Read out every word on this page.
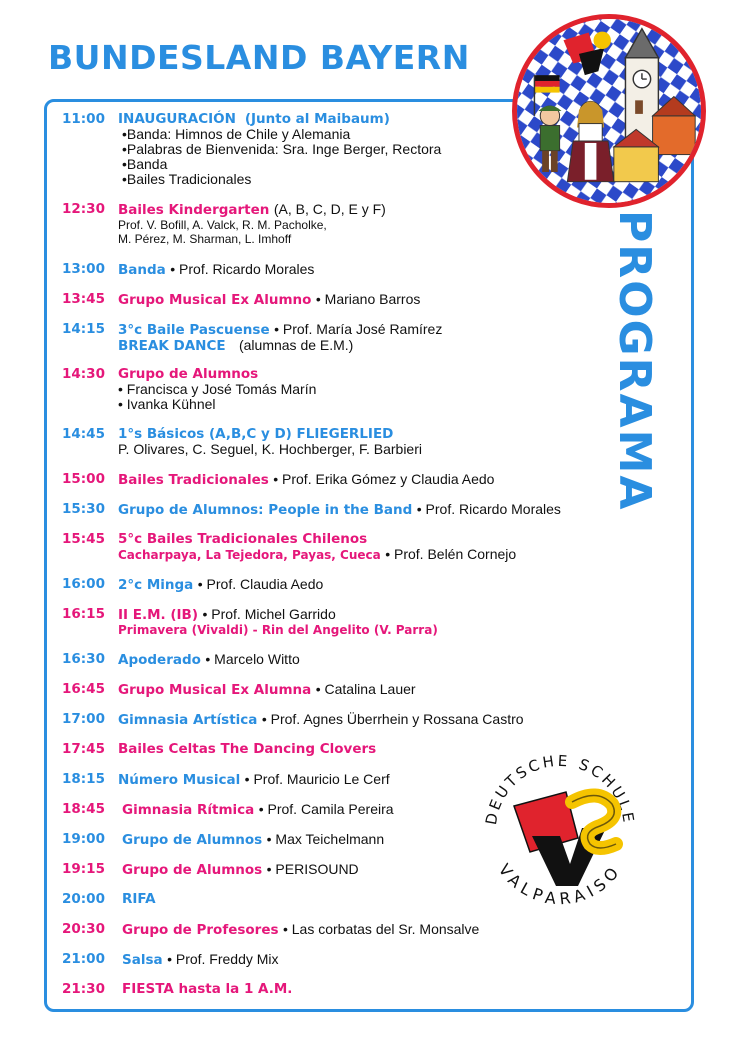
BUNDESLAND BAYERN
PROGRAMA
DEUTSCHE SCHULE
VALPARAISO
11:00 INAUGURACIÓN (Junto al Maibaum)
•Banda: Himnos de Chile y Alemania
•Palabras de Bienvenida: Sra. Inge Berger, Rectora
•Banda
•Bailes Tradicionales
12:30 Bailes Kindergarten (A, B, C, D, E y F)
Prof. V. Bofill, A. Valck, R. M. Pacholke,
M. Pérez, M. Sharman, L. Imhoff
13:00 Banda • Prof. Ricardo Morales
13:45 Grupo Musical Ex Alumno • Mariano Barros
14:15 3°c Baile Pascuense • Prof. María José Ramírez
BREAK DANCE (alumnas de E.M.)
14:30 Grupo de Alumnos
• Francisca y José Tomás Marín
• Ivanka Kühnel
14:45 1°s Básicos (A,B,C y D) FLIEGERLIED
P. Olivares, C. Seguel, K. Hochberger, F. Barbieri
15:00 Bailes Tradicionales • Prof. Erika Gómez y Claudia Aedo
15:30 Grupo de Alumnos: People in the Band • Prof. Ricardo Morales
15:45 5°c Bailes Tradicionales Chilenos
Cacharpaya, La Tejedora, Payas, Cueca • Prof. Belén Cornejo
16:00 2°c Minga • Prof. Claudia Aedo
16:15 II E.M. (IB) • Prof. Michel Garrido
Primavera (Vivaldi) - Rin del Angelito (V. Parra)
16:30 Apoderado • Marcelo Witto
16:45 Grupo Musical Ex Alumna • Catalina Lauer
17:00 Gimnasia Artística • Prof. Agnes Überrhein y Rossana Castro
17:45 Bailes Celtas The Dancing Clovers
18:15 Número Musical • Prof. Mauricio Le Cerf
18:45	Gimnasia Rítmica • Prof. Camila Pereira
19:00	Grupo de Alumnos • Max Teichelmann
19:15	Grupo de Alumnos • PERISOUND
20:00	RIFA
20:30	Grupo de Profesores • Las corbatas del Sr. Monsalve
21:00	Salsa • Prof. Freddy Mix
21:30	FIESTA hasta la 1 A.M.
